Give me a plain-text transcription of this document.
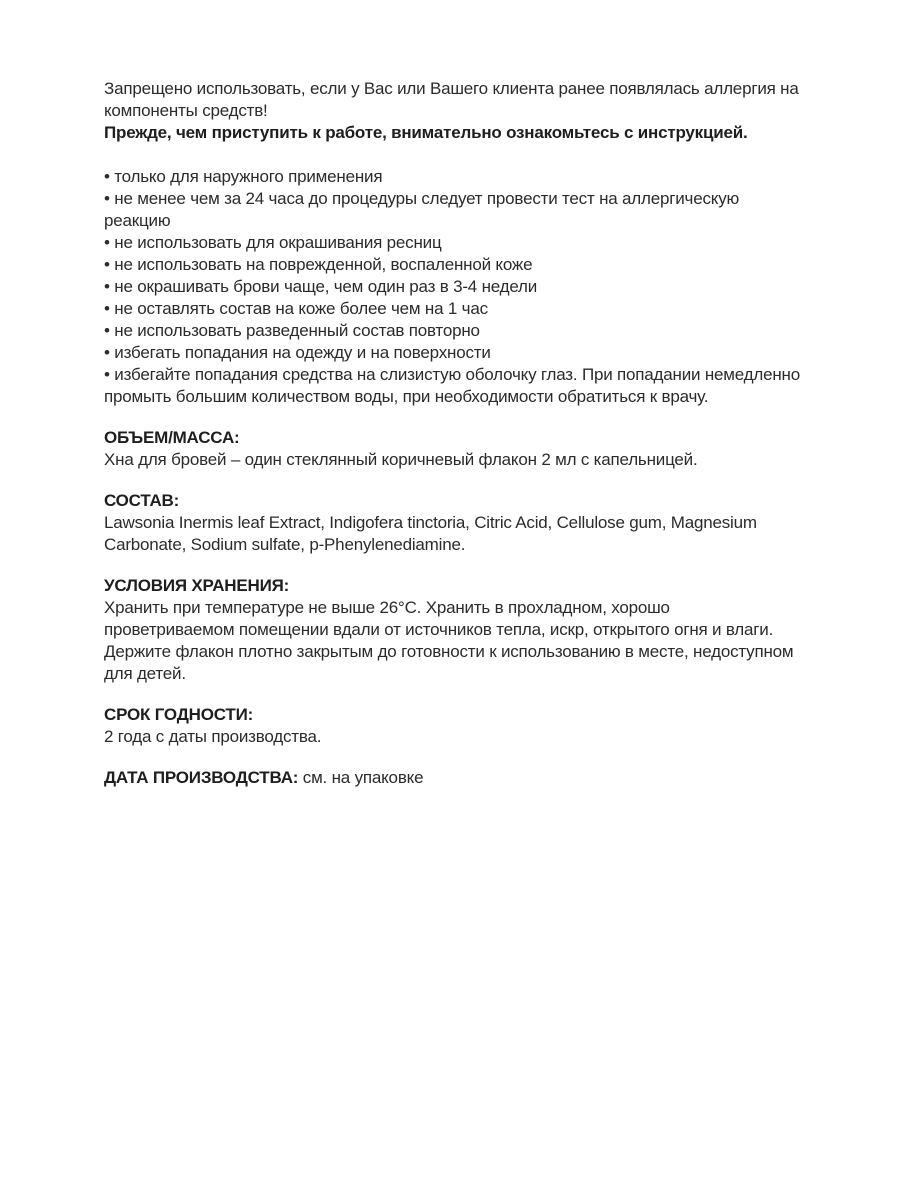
Запрещено использовать, если у Вас или Вашего клиента ранее появлялась аллергия на компоненты средств!

Прежде, чем приступить к работе, внимательно ознакомьтесь с инструкцией.

• только для наружного применения
• не менее чем за 24 часа до процедуры следует провести тест на аллергическую реакцию
• не использовать для окрашивания ресниц
• не использовать на поврежденной, воспаленной коже
• не окрашивать брови чаще, чем один раз в 3-4 недели
• не оставлять состав на коже более чем на 1 час
• не использовать разведенный состав повторно
• избегать попадания на одежду и на поверхности
• избегайте попадания средства на слизистую оболочку глаз. При попадании немедленно промыть большим количеством воды, при необходимости обратиться к врачу.

ОБЪЕМ/МАССА:

Хна для бровей – один стеклянный коричневый флакон 2 мл с капельницей.

СОСТАВ:

Lawsonia Inermis leaf Extract, Indigofera tinctoria, Citric Acid, Cellulose gum, Magnesium Carbonate, Sodium sulfate, p-Phenylenediamine.

УСЛОВИЯ ХРАНЕНИЯ:

Хранить при температуре не выше 26°С. Хранить в прохладном, хорошо проветриваемом помещении вдали от источников тепла, искр, открытого огня и влаги. Держите флакон плотно закрытым до готовности к использованию в месте, недоступном для детей.

СРОК ГОДНОСТИ:

2 года с даты производства.

ДАТА ПРОИЗВОДСТВА: см. на упаковке
